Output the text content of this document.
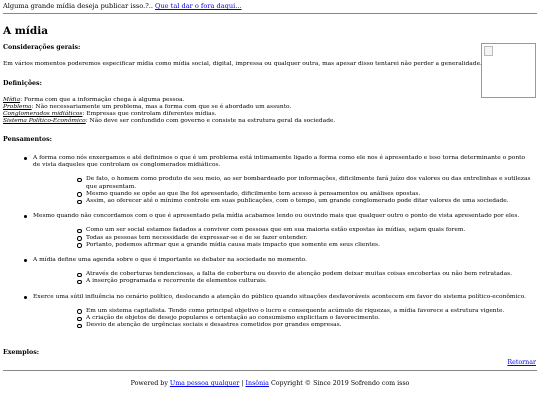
Alguma grande mídia deseja publicar isso.?.. Que tal dar o fora daqui...
A mídia
Considerações gerais:

Em vários momentos poderemos especificar mídia como mídia social, digital, impressa ou qualquer outra, mas apesar disso tentarei não perder a generalidade.

Definições:
Mídia: Forma com que a informação chega à alguma pessoa.
Problema: Não necessariamente um problema, mas a forma com que se é abordado um assunto.
Conglomerados midiáticos: Empresas que controlam diferentes mídias.
Sistema Político-Econômico: Não deve ser confundido com governo e consiste na estrutura geral da sociedade.
Pensamentos:
A forma como nós enxergamos e até definimos o que é um problema está intimamente ligado a forma como ele nos é apresentado e isso torna determinante o ponto de vista daqueles que controlam os conglomerados midiáticos.
De fato, o homem como produto de seu meio, ao ser bombardeado por informações, dificilmente fará juízo dos valores ou das entrelinhas e sutilezas que apresentam.
Mesmo quando se opõe ao que lhe foi apresentado, dificilmente tem acesso à pensamentos ou análises opostas.
Assim, ao oferecer até o mínimo controle em suas publicações, com o tempo, um grande conglomerado pode ditar valores de uma sociedade.
Mesmo quando não concordamos com o que é apresentado pela mídia acabamos lendo ou ouvindo mais que qualquer outro o ponto de vista apresentado por eles.
Como um ser social estamos fadados a conviver com pessoas que em sua maioria estão expostas às mídias, sejam quais forem.
Todas as pessoas tem necessidade de expressar-se e de se fazer entender.
Portanto, podemos afirmar que a grande mídia causa mais impacto que somente em seus clientes.
A mídia define uma agenda sobre o que é importante se debater na sociedade no momento.
Através de coberturas tendenciosas, a falta de cobertura ou desvio de atenção podem deixar muitas coisas encobertas ou não bem retratadas.
A inserção programada e recorrente de elementos culturais.
Exerce uma sútil influência no cenário político, deslocando a atenção do público quando situações desfavoráveis acontecem em favor do sistema político-econômico.
Em um sistema capitalista. Tendo como principal objetivo o lucro e consequente acúmulo de riquezas, a mídia favorece a estrutura vigente.
A criação de objetos de desejo populares e orientação ao consumismo explicitam o favorecimento.
Desvio de atenção de urgências sociais e desastres cometidos por grandes empresas.
Exemplos:
Retornar
Powered by Uma pessoa qualquer | Insônia Copyright © Since 2019 Sofrendo com isso
